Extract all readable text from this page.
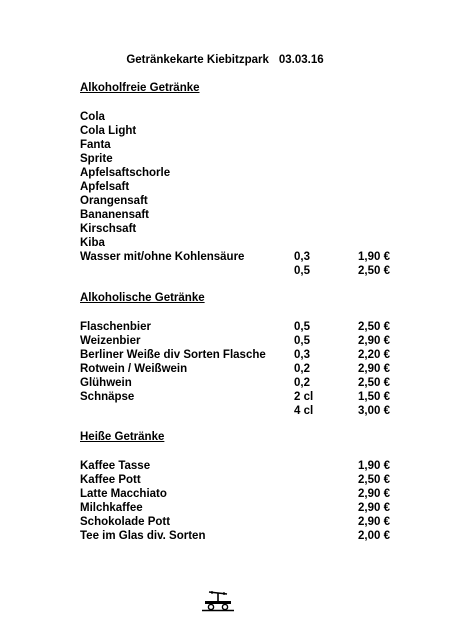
Getränkekarte Kiebitzpark 03.03.16
Alkoholfreie Getränke
Cola
Cola Light
Fanta
Sprite
Apfelsaftschorle
Apfelsaft
Orangensaft
Bananensaft
Kirschsaft
Kiba
Wasser mit/ohne Kohlensäure	0,3	1,90 €
0,5	2,50 €
Alkoholische Getränke
Flaschenbier	0,5	2,50 €
Weizenbier	0,5	2,90 €
Berliner Weiße div Sorten Flasche 0,3	2,20 €
Rotwein / Weißwein	0,2	2,90 €
Glühwein	0,2	2,50 €
Schnäpse	2 cl	1,50 €
4 cl	3,00 €
Heiße Getränke
Kaffee Tasse	1,90 €
Kaffee Pott	2,50 €
Latte Macchiato	2,90 €
Milchkaffee	2,90 €
Schokolade Pott	2,90 €
Tee im Glas div. Sorten	2,00 €
